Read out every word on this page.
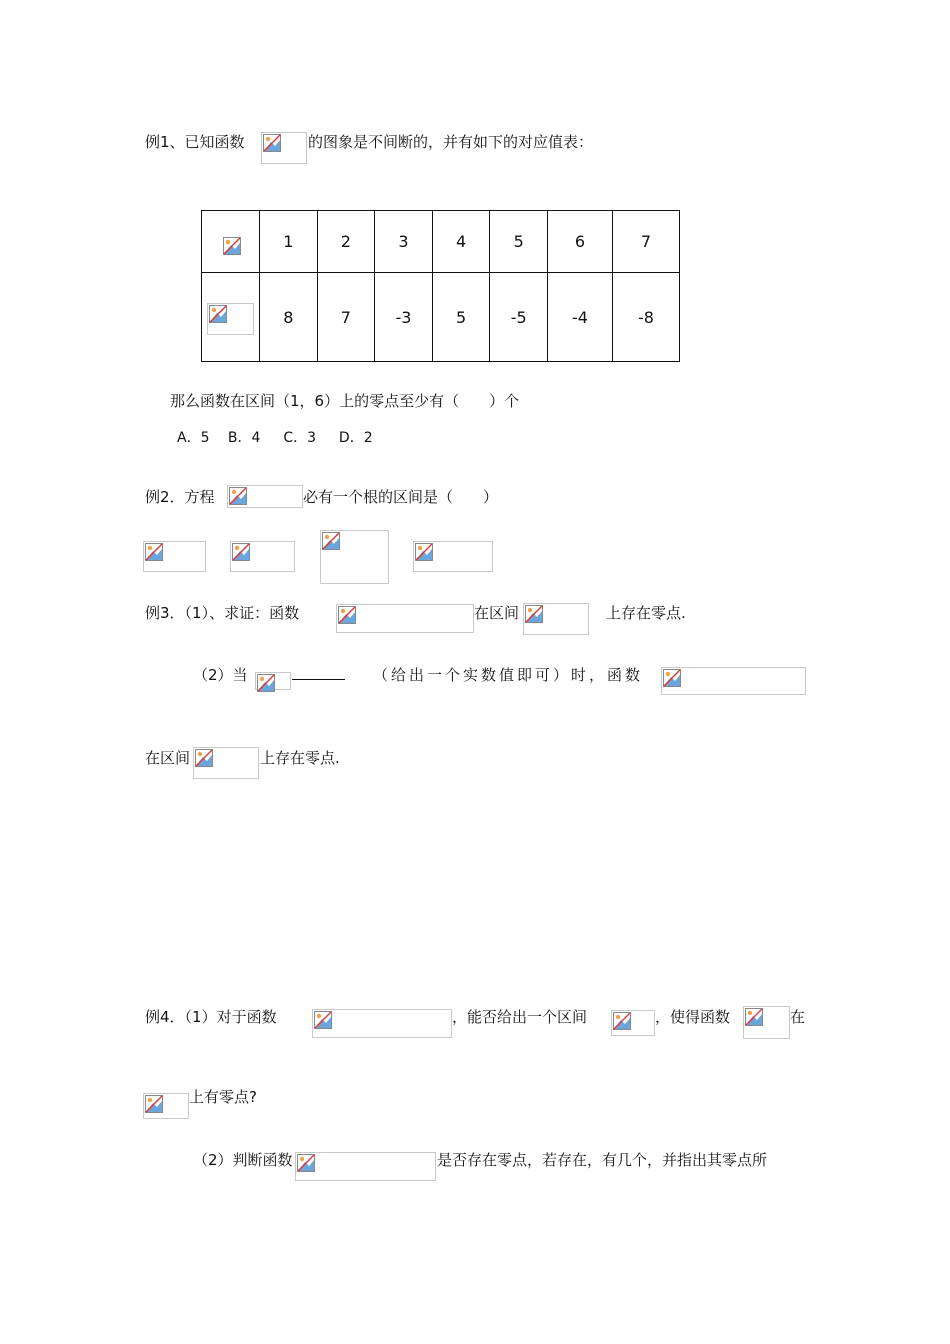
例1、已知函数	的图象是不间断的，并有如下的对应值表：
	1	2	3	4	5	6	7

	8	7	-3	5	-5	-4	-8
那么函数在区间（1，6）上的零点至少有（　　）个
A．5　 B．4 　 C．3 　 D．2
例2．方程	必有一个根的区间是（　　）
例3．（1）、求证：函数	在区间	上存在零点.
（2）当	（给出一个实数值即可）时，函数
在区间	上存在零点.
例4．（1）对于函数	，能否给出一个区间	，使得函数	在
上有零点?
（2）判断函数	是否存在零点，若存在，有几个，并指出其零点所
